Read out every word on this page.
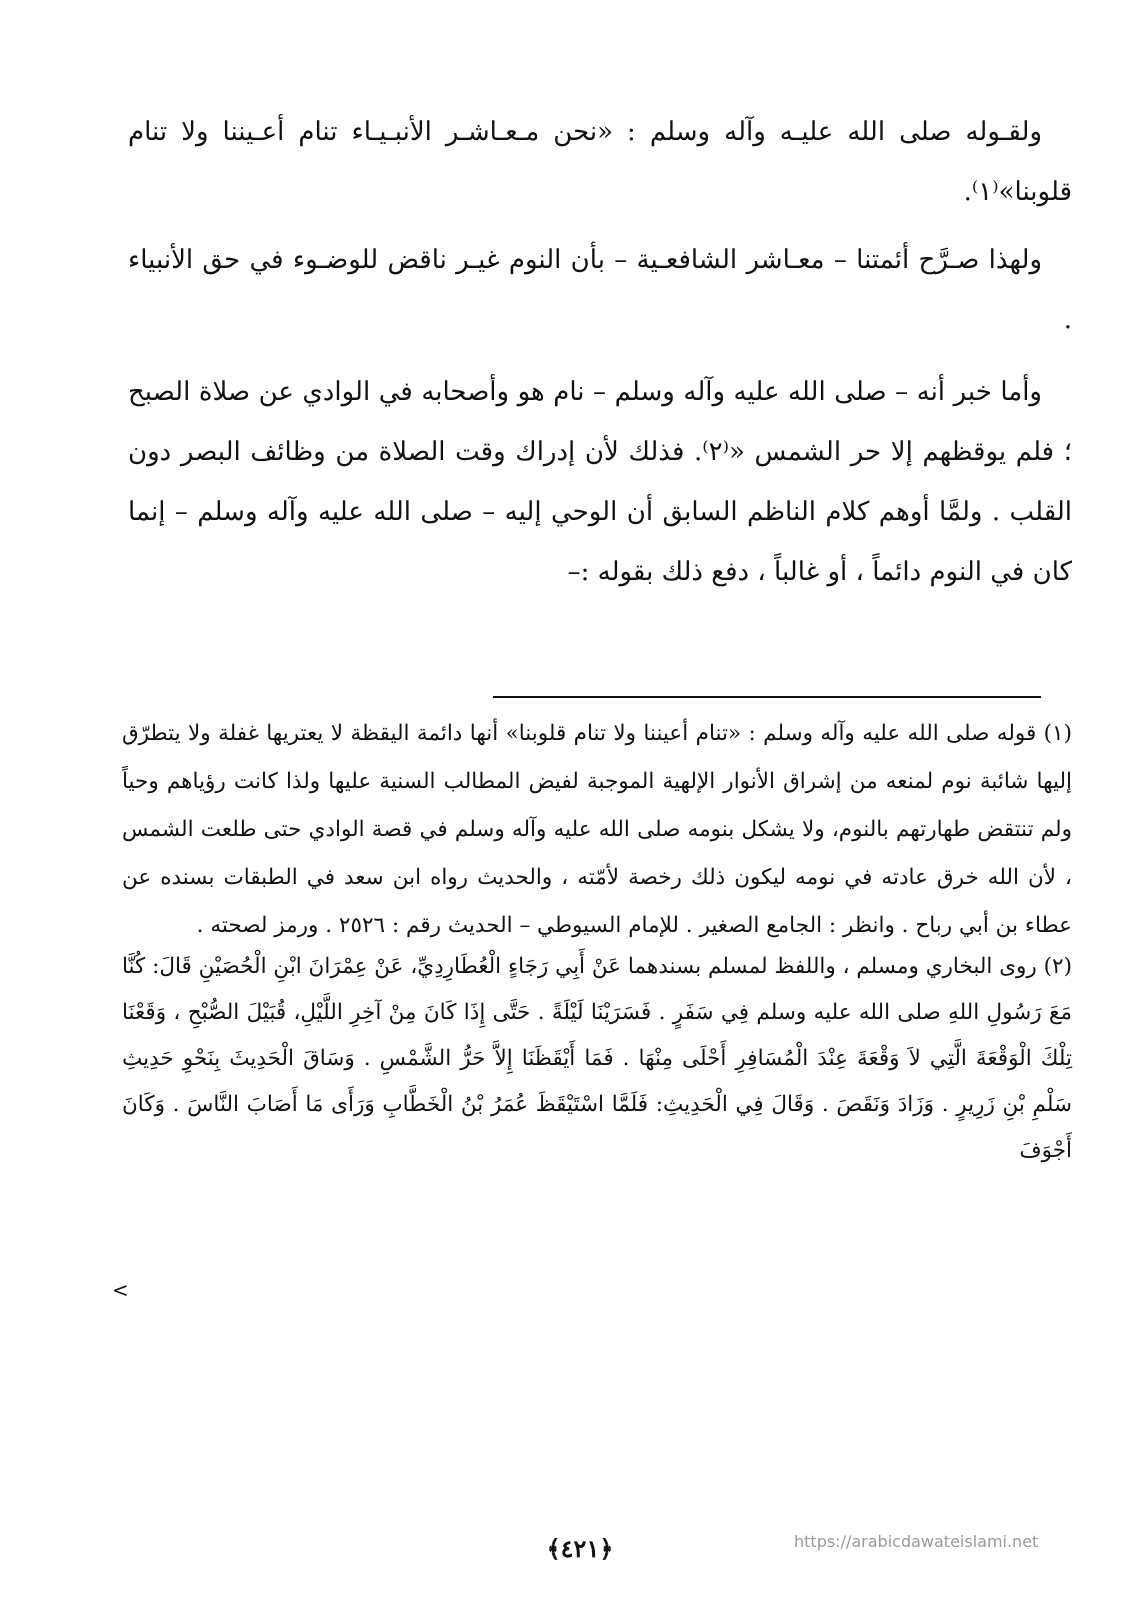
ولقـوله صلى الله عليـه وآله وسلم : «نحن مـعـاشـر الأنبـيـاء تنام أعـيننا ولا تنام قلوبنا»⁽١⁾.

ولهذا صـرَّح أئمتنا – معـاشر الشافعـية – بأن النوم غيـر ناقض للوضـوء في حق الأنبياء .

وأما خبر أنه – صلى الله عليه وآله وسلم – نام هو وأصحابه في الوادي عن صلاة الصبح ؛ فلم يوقظهم إلا حر الشمس «⁽٢⁾. فذلك لأن إدراك وقت الصلاة من وظائف البصر دون القلب . ولمَّا أوهم كلام الناظم السابق أن الوحي إليه – صلى الله عليه وآله وسلم – إنما كان في النوم دائماً ، أو غالباً ، دفع ذلك بقوله :–

(١) قوله صلى الله عليه وآله وسلم : «تنام أعيننا ولا تنام قلوبنا» أنها دائمة اليقظة لا يعتريها غفلة ولا يتطرّق إليها شائبة نوم لمنعه من إشراق الأنوار الإلهية الموجبة لفيض المطالب السنية عليها ولذا كانت رؤياهم وحياً ولم تنتقض طهارتهم بالنوم، ولا يشكل بنومه صلى الله عليه وآله وسلم في قصة الوادي حتى طلعت الشمس ، لأن الله خرق عادته في نومه ليكون ذلك رخصة لأمّته ، والحديث رواه ابن سعد في الطبقات بسنده عن عطاء بن أبي رباح . وانظر : الجامع الصغير . للإمام السيوطي – الحديث رقم : ٢٥٢٦ . ورمز لصحته .

(٢) روى البخاري ومسلم ، واللفظ لمسلم بسندهما عَنْ أَبِي رَجَاءٍ الْعُطَارِدِيِّ، عَنْ عِمْرَانَ ابْنِ الْحُصَيْنِ قَالَ: كُنَّا مَعَ رَسُولِ اللهِ صلى الله عليه وسلم فِي سَفَرٍ . فَسَرَيْنَا لَيْلَةً . حَتَّى إِذَا كَانَ مِنْ آخِرِ اللَّيْلِ، قُبَيْلَ الصُّبْحِ ، وَقَعْنَا تِلْكَ الْوَقْعَةَ الَّتِي لاَ وَقْعَةَ عِنْدَ الْمُسَافِرِ أَحْلَى مِنْهَا . فَمَا أَيْقَظَنَا إِلاَّ حَرُّ الشَّمْسِ . وَسَاقَ الْحَدِيثَ بِنَحْوِ حَدِيثِ سَلْمِ بْنِ زَرِيرٍ . وَزَادَ وَنَقَصَ . وَقَالَ فِي الْحَدِيثِ: فَلَمَّا اسْتَيْقَظَ عُمَرُ بْنُ الْخَطَّابِ وَرَأَى مَا أَصَابَ النَّاسَ . وَكَانَ أَجْوَفَ

<
﴿٤٢١﴾	https://arabicdawateislami.net
